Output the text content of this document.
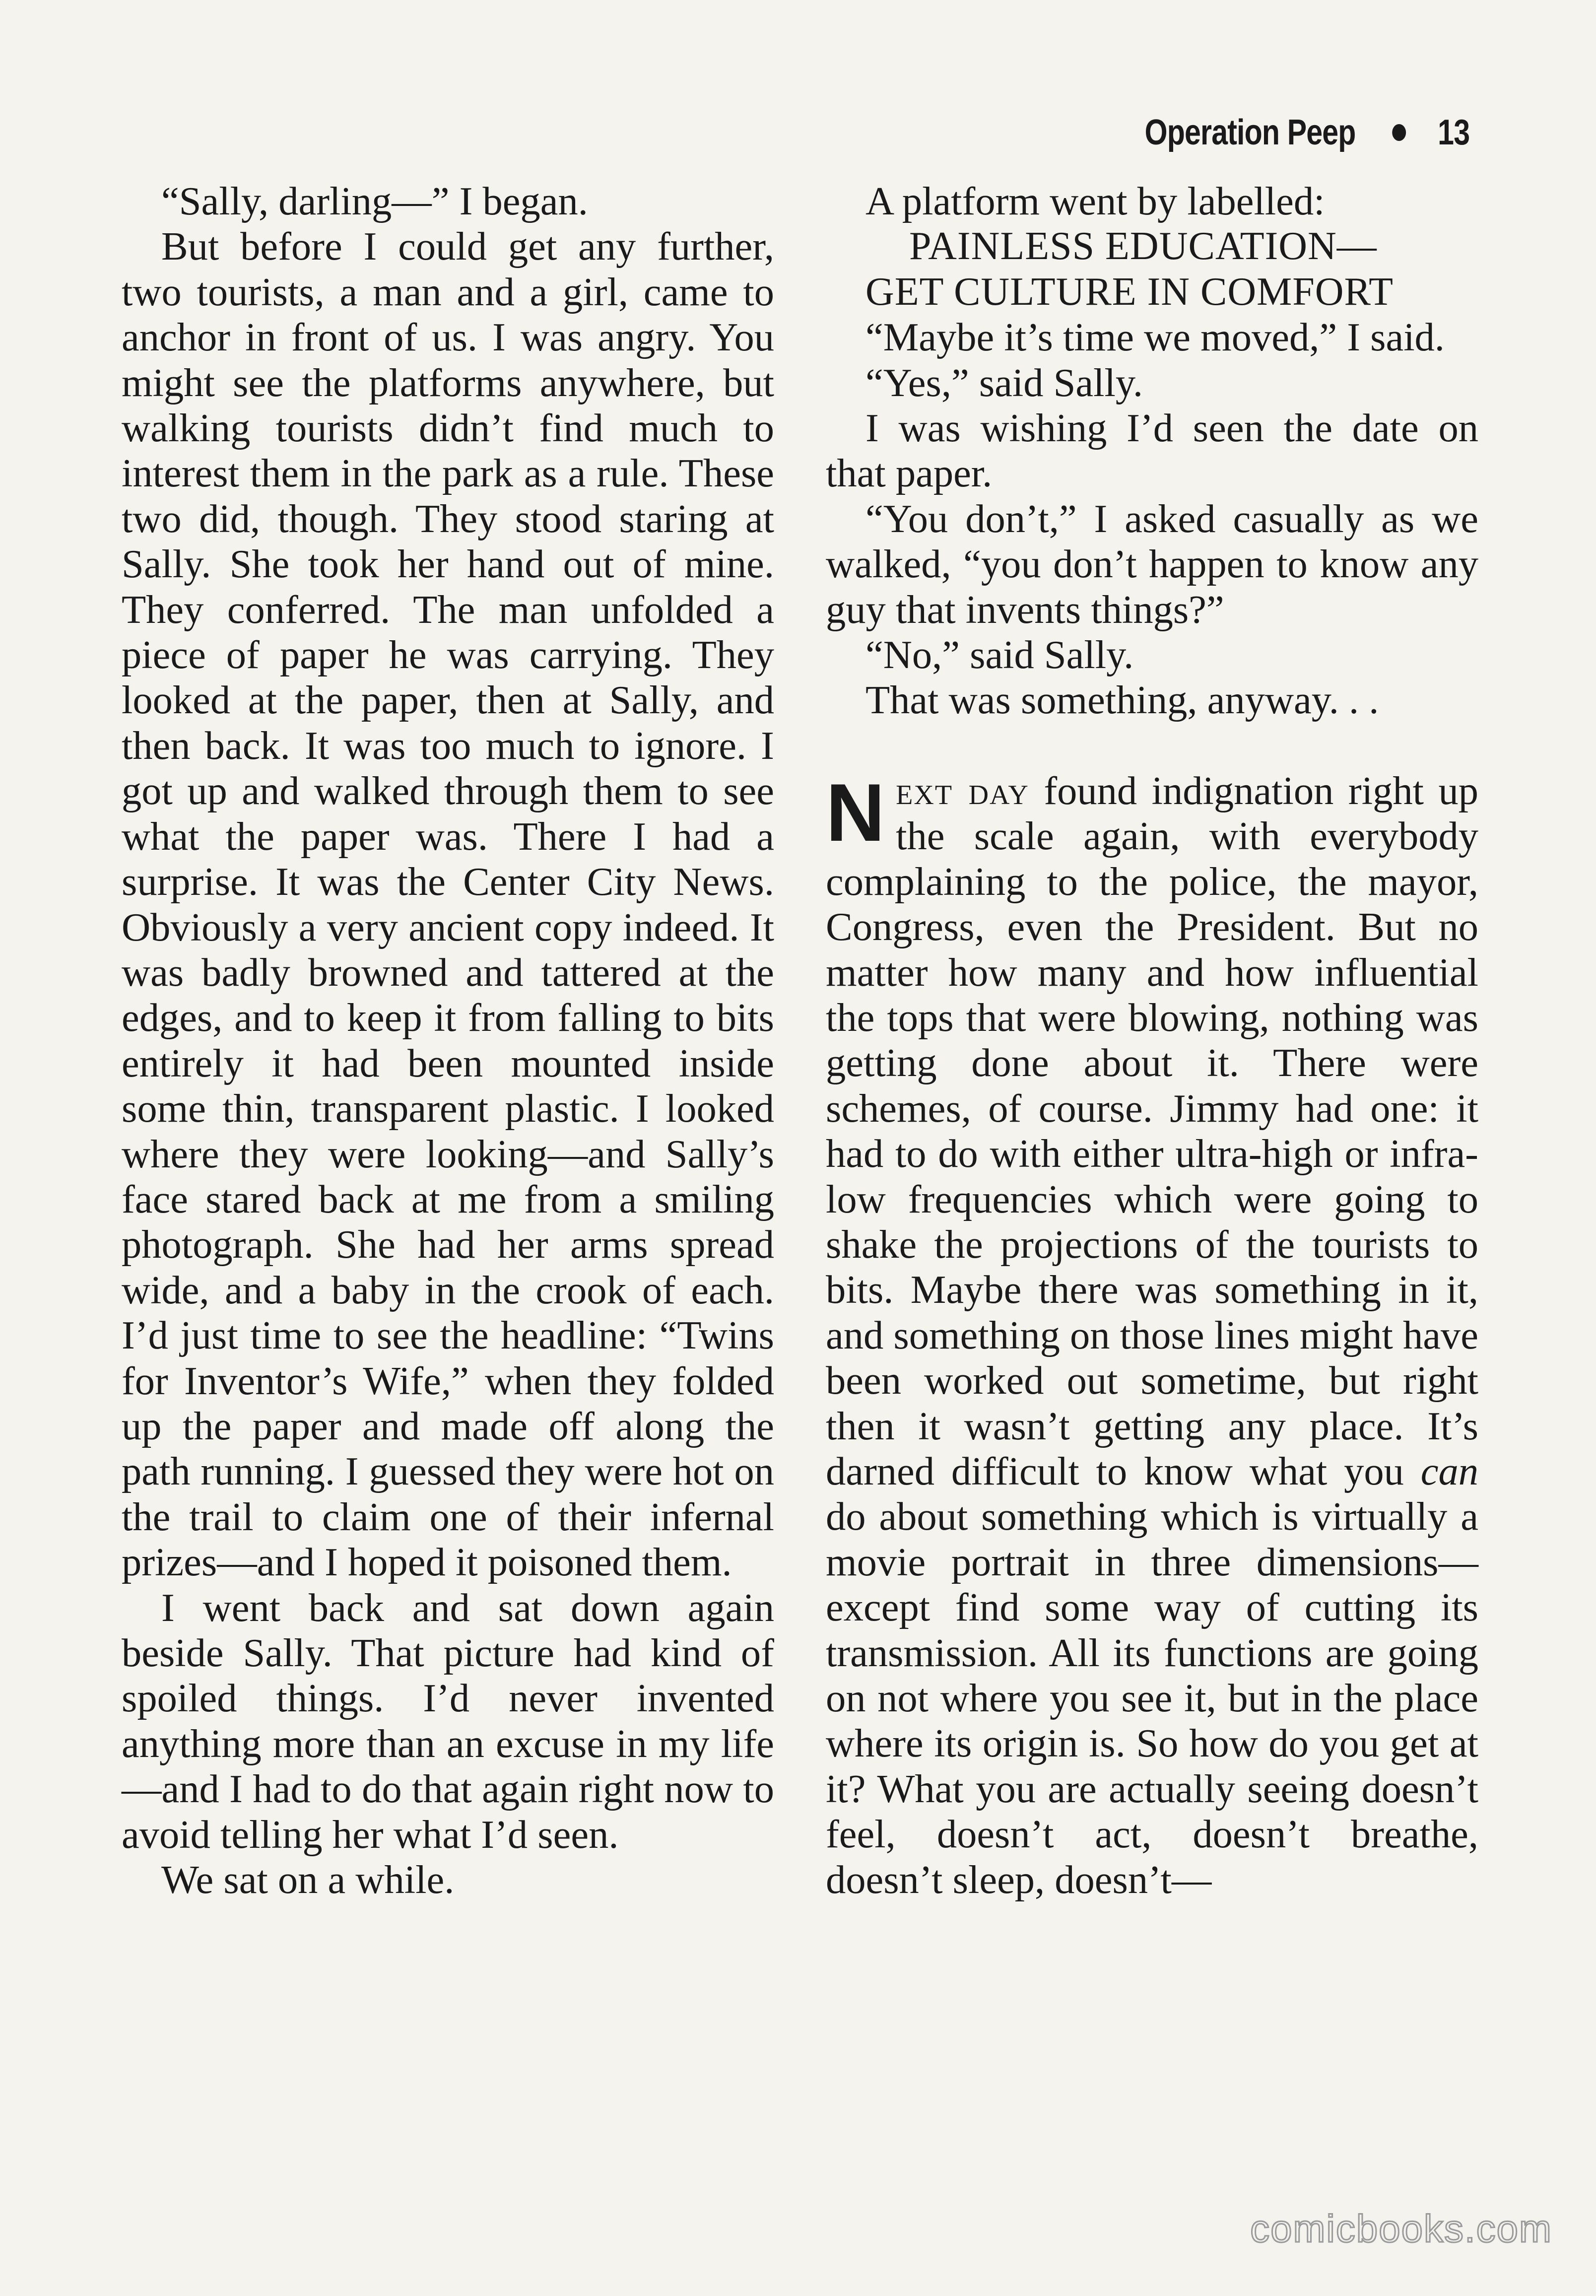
Operation Peep 13

“Sally, darling—” I began.

But before I could get any further, two tourists, a man and a girl, came to anchor in front of us. I was angry. You might see the platforms anywhere, but walking tourists didn’t find much to interest them in the park as a rule. These two did, though. They stood staring at Sally. She took her hand out of mine. They conferred. The man unfolded a piece of paper he was carrying. They looked at the paper, then at Sally, and then back. It was too much to ignore. I got up and walked through them to see what the paper was. There I had a surprise. It was the Center City News. Obviously a very ancient copy indeed. It was badly browned and tattered at the edges, and to keep it from falling to bits entirely it had been mounted inside some thin, transparent plastic. I looked where they were looking—and Sally’s face stared back at me from a smiling photograph. She had her arms spread wide, and a baby in the crook of each. I’d just time to see the headline: “Twins for Inventor’s Wife,” when they folded up the paper and made off along the path running. I guessed they were hot on the trail to claim one of their infernal prizes—and I hoped it poisoned them.

I went back and sat down again beside Sally. That picture had kind of spoiled things. I’d never invented anything more than an excuse in my life—and I had to do that again right now to avoid telling her what I’d seen.

We sat on a while.

A platform went by labelled:

PAINLESS EDUCATION—
GET CULTURE IN COMFORT

“Maybe it’s time we moved,” I said.

“Yes,” said Sally.

I was wishing I’d seen the date on that paper.

“You don’t,” I asked casually as we walked, “you don’t happen to know any guy that invents things?”

“No,” said Sally.

That was something, anyway. . .

Next day found indignation right up the scale again, with everybody complaining to the police, the mayor, Congress, even the President. But no matter how many and how influential the tops that were blowing, nothing was getting done about it. There were schemes, of course. Jimmy had one: it had to do with either ultra-high or infra-low frequencies which were going to shake the projections of the tourists to bits. Maybe there was something in it, and something on those lines might have been worked out sometime, but right then it wasn’t getting any place. It’s darned difficult to know what you can do about something which is virtually a movie portrait in three dimensions—except find some way of cutting its transmission. All its functions are going on not where you see it, but in the place where its origin is. So how do you get at it? What you are actually seeing doesn’t feel, doesn’t act, doesn’t breathe, doesn’t sleep, doesn’t—

comicbooks.com
